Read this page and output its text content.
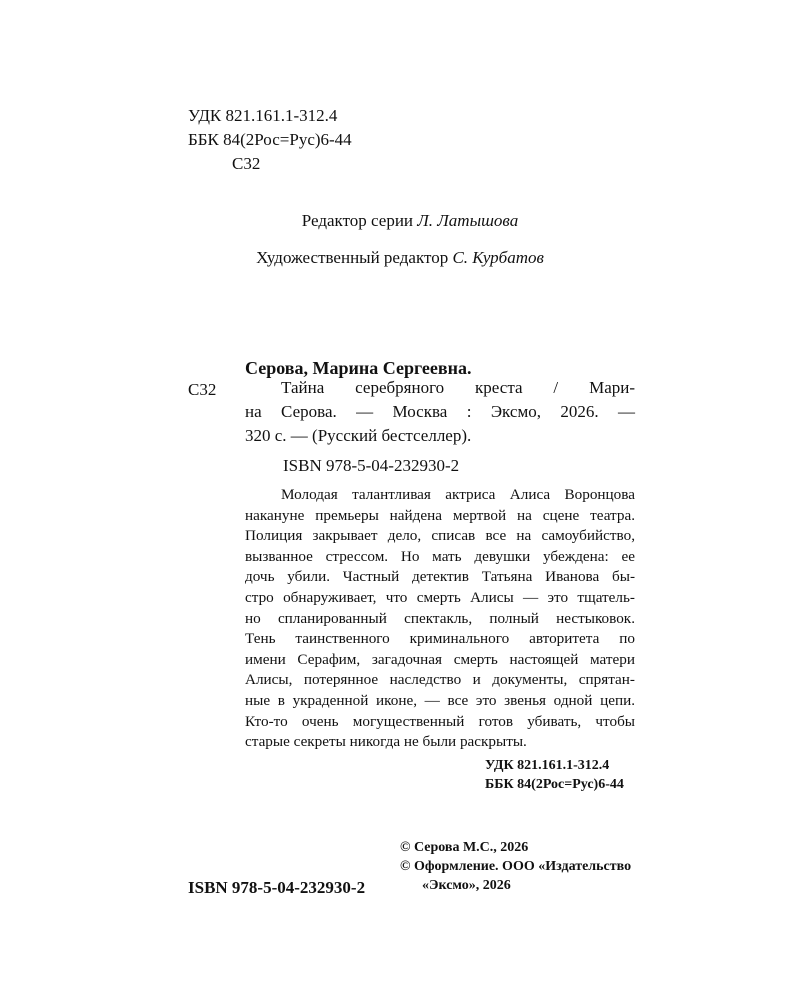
УДК 821.161.1-312.4
ББК 84(2Рос=Рус)6-44
С32
Редактор серии Л. Латышова
Художественный редактор С. Курбатов
Серова, Марина Сергеевна.
С32	Тайна серебряного креста / Мари-
на Серова. — Москва : Эксмо, 2026. —
320 с. — (Русский бестселлер).
ISBN 978-5-04-232930-2
Молодая талантливая актриса Алиса Воронцова
накануне премьеры найдена мертвой на сцене театра.
Полиция закрывает дело, списав все на самоубийство,
вызванное стрессом. Но мать девушки убеждена: ее
дочь убили. Частный детектив Татьяна Иванова бы-
стро обнаруживает, что смерть Алисы — это тщатель-
но спланированный спектакль, полный нестыковок.
Тень таинственного криминального авторитета по
имени Серафим, загадочная смерть настоящей матери
Алисы, потерянное наследство и документы, спрятан-
ные в украденной иконе, — все это звенья одной цепи.
Кто-то очень могущественный готов убивать, чтобы
старые секреты никогда не были раскрыты.
УДК 821.161.1-312.4
ББК 84(2Рос=Рус)6-44
© Серова М.С., 2026
© Оформление. ООО «Издательство
«Эксмо», 2026
ISBN 978-5-04-232930-2
